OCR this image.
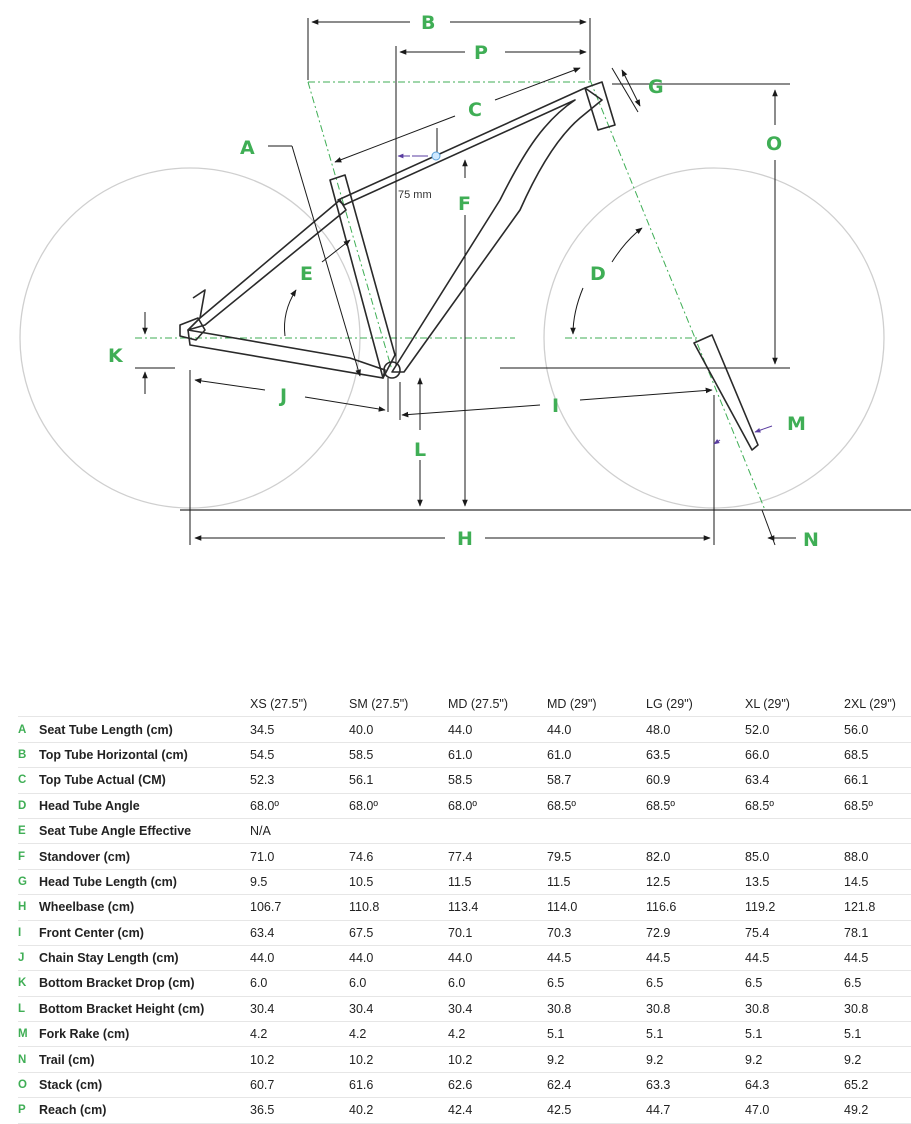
75 mm
A
B
C
D
E
F
G
H
I
J
K
L
M
N
O
P
		XS (27.5")	SM (27.5")	MD (27.5")	MD (29")	LG (29")	XL (29")	2XL (29")
A	Seat Tube Length (cm)	34.5	40.0	44.0	44.0	48.0	52.0	56.0
B	Top Tube Horizontal (cm)	54.5	58.5	61.0	61.0	63.5	66.0	68.5
C	Top Tube Actual (CM)	52.3	56.1	58.5	58.7	60.9	63.4	66.1
D	Head Tube Angle	68.0º	68.0º	68.0º	68.5º	68.5º	68.5º	68.5º
E	Seat Tube Angle Effective	N/A						
F	Standover (cm)	71.0	74.6	77.4	79.5	82.0	85.0	88.0
G	Head Tube Length (cm)	9.5	10.5	11.5	11.5	12.5	13.5	14.5
H	Wheelbase (cm)	106.7	110.8	113.4	114.0	116.6	119.2	121.8
I	Front Center (cm)	63.4	67.5	70.1	70.3	72.9	75.4	78.1
J	Chain Stay Length (cm)	44.0	44.0	44.0	44.5	44.5	44.5	44.5
K	Bottom Bracket Drop (cm)	6.0	6.0	6.0	6.5	6.5	6.5	6.5
L	Bottom Bracket Height (cm)	30.4	30.4	30.4	30.8	30.8	30.8	30.8
M	Fork Rake (cm)	4.2	4.2	4.2	5.1	5.1	5.1	5.1
N	Trail (cm)	10.2	10.2	10.2	9.2	9.2	9.2	9.2
O	Stack (cm)	60.7	61.6	62.6	62.4	63.3	64.3	65.2
P	Reach (cm)	36.5	40.2	42.4	42.5	44.7	47.0	49.2
